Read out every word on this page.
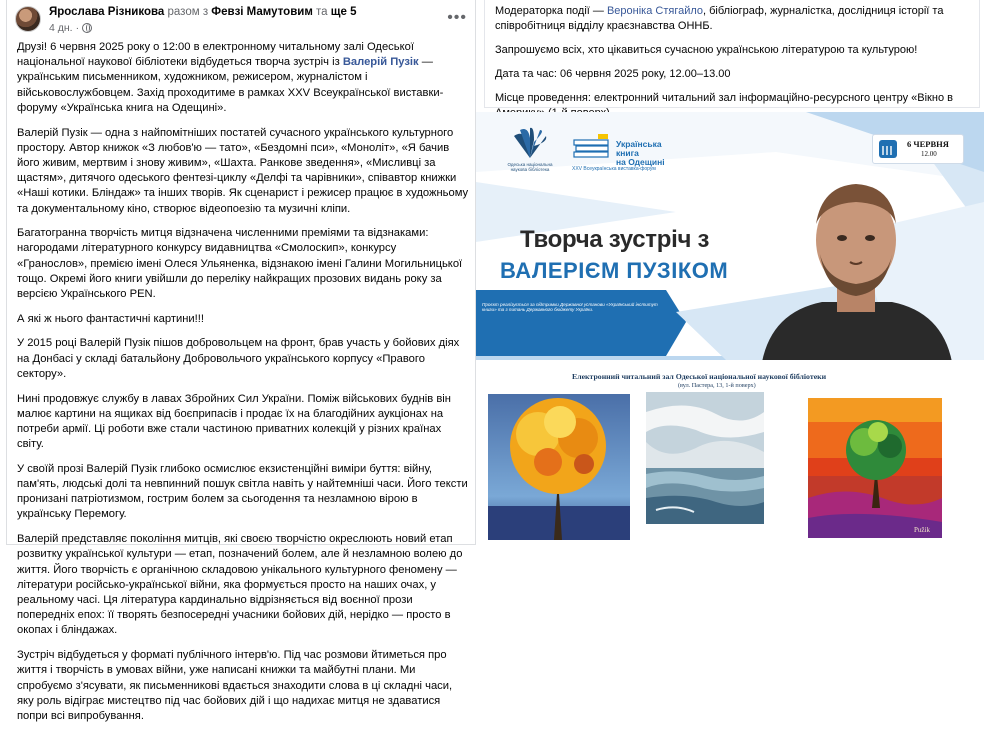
Ярослава Різникова разом з Февзі Мамутовим та ще 5
4 дн. ·
•••

Друзі! 6 червня 2025 року о 12:00 в електронному читальному залі Одеської національної наукової бібліотеки відбудеться творча зустріч із Валерій Пузік — українським письменником, художником, режисером, журналістом і військовослужбовцем. Захід проходитиме в рамках XXV Всеукраїнської виставки-форуму «Українська книга на Одещині».

Валерій Пузік — одна з найпомітніших постатей сучасного українського культурного простору. Автор книжок «З любов'ю — тато», «Бездомні пси», «Моноліт», «Я бачив його живим, мертвим і знову живим», «Шахта. Ранкове зведення», «Мисливці за щастям», дитячого одеського фентезі-циклу «Делфі та чарівники», співавтор книжки «Наші котики. Бліндаж» та інших творів. Як сценарист і режисер працює в художньому та документальному кіно, створює відеопоезію та музичні кліпи.

Багатогранна творчість митця відзначена численними преміями та відзнаками: нагородами літературного конкурсу видавництва «Смолоскип», конкурсу «Гранослов», премією імені Олеся Ульяненка, відзнакою імені Галини Могильницької тощо. Окремі його книги увійшли до переліку найкращих прозових видань року за версією Українського PEN.

А які ж нього фантастичні картини!!!

У 2015 році Валерій Пузік пішов добровольцем на фронт, брав участь у бойових діях на Донбасі у складі батальйону Добровольчого українського корпусу «Правого сектору».

Нині продовжує службу в лавах Збройних Сил України. Поміж військових буднів він малює картини на ящиках від боєприпасів і продає їх на благодійних аукціонах на потреби армії. Ці роботи вже стали частиною приватних колекцій у різних країнах світу.

У своїй прозі Валерій Пузік глибоко осмислює екзистенційні виміри буття: війну, пам'ять, людські долі та невпинний пошук світла навіть у найтемніші часи. Його тексти пронизані патріотизмом, гострим болем за сьогодення та незламною вірою в українську Перемогу.

Валерій представляє покоління митців, які своєю творчістю окреслюють новий етап розвитку української культури — етап, позначений болем, але й незламною волею до життя. Його творчість є органічною складовою унікального культурного феномену — літератури російсько-української війни, яка формується просто на наших очах, у реальному часі. Ця література кардинально відрізняється від воєнної прози попередніх епох: її творять безпосередні учасники бойових дій, нерідко — просто в окопах і бліндажах.

Зустріч відбудеться у форматі публічного інтерв'ю. Під час розмови йтиметься про життя і творчість в умовах війни, уже написані книжки та майбутні плани. Ми спробуємо з'ясувати, як письменникові вдається знаходити слова в ці складні часи, яку роль відіграє мистецтво під час бойових дій і що надихає митця не здаватися попри всі випробування.

Модераторка події — Вероніка Стягайло, бібліограф, журналістка, дослідниця історії та співробітниця відділу краєзнавства ОННБ.

Запрошуємо всіх, хто цікавиться сучасною українською літературою та культурою!

Дата та час: 06 червня 2025 року, 12.00–13.00

Місце проведення: електронний читальний зал інформаційно-ресурсного центру «Вікно в

Одеська національна наукова бібліотека
Українська
книга
на Одещині
XXV Всеукраїнська виставка-форум
6 ЧЕРВНЯ
12.00
Творча зустріч з
ВАЛЕРІЄМ ПУЗІКОМ
Проєкт реалізується за підтримки Державної установи «Український інститут книги» та з питань Державного бюджету України.
Електронний читальний зал Одеської національної наукової бібліотеки
(вул. Пастера, 13, 1-й поверх)
Pužik
